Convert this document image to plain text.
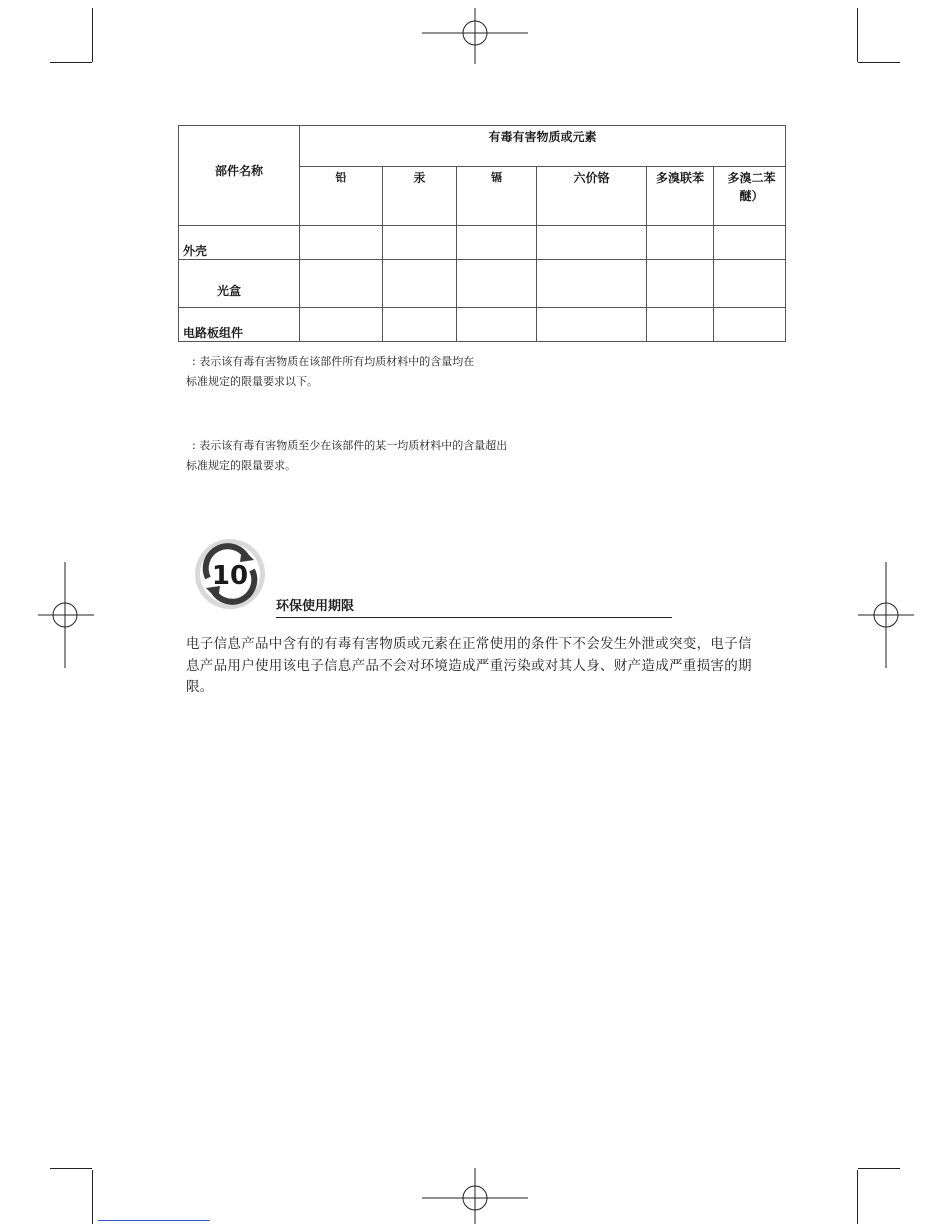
部件名称	有毒有害物质或元素					
	铅	汞	镉	六价铬	多溴联苯	多溴二苯醚）
外壳						
光盒						
电路板组件						
: 表示该有毒有害物质在该部件所有均质材料中的含量均在
标准规定的限量要求以下。
: 表示该有毒有害物质至少在该部件的某一均质材料中的含量超出
标准规定的限量要求。
10
环保使用期限
电子信息产品中含有的有毒有害物质或元素在正常使用的条件下不会发生外泄或突变，电子信息产品用户使用该电子信息产品不会对环境造成严重污染或对其人身、财产造成严重损害的期限。
